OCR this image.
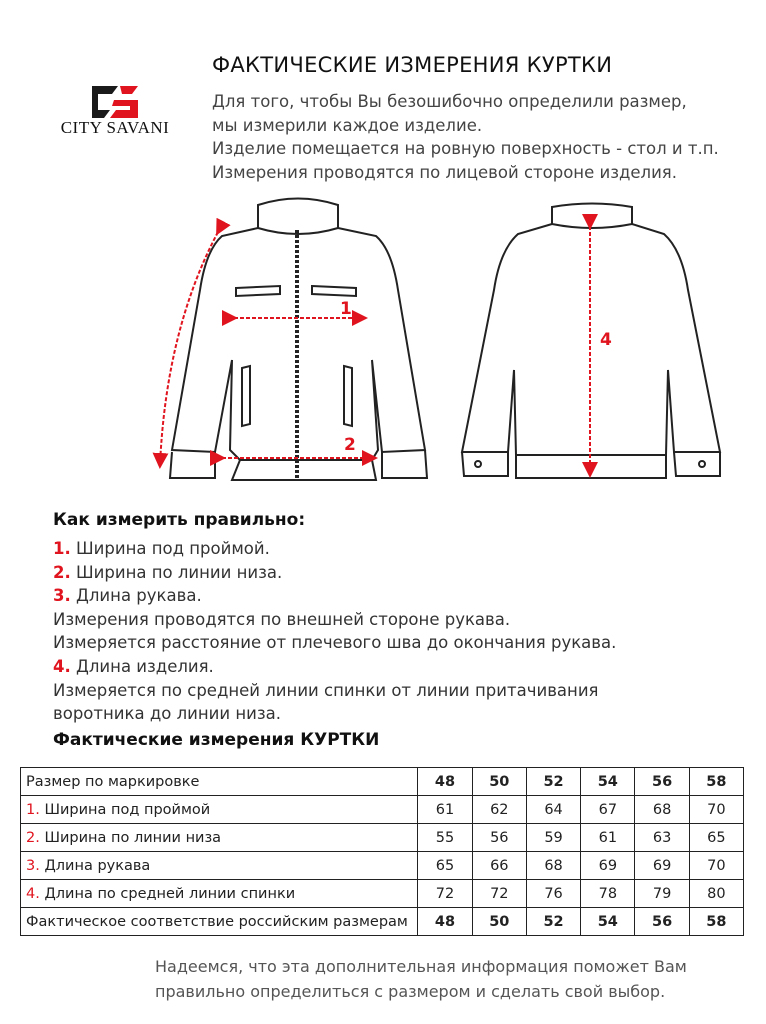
CITY SAVANI
ФАКТИЧЕСКИЕ ИЗМЕРЕНИЯ КУРТКИ
Для того, чтобы Вы безошибочно определили размер,
мы измерили каждое изделие.
Изделие помещается на ровную поверхность - стол и т.п.
Измерения проводятся по лицевой стороне изделия.
1
2
4
Как измерить правильно:
1. Ширина под проймой.
2. Ширина по линии низа.
3. Длина рукава.
Измерения проводятся по внешней стороне рукава.
Измеряется расстояние от плечевого шва до окончания рукава.
4. Длина изделия.
Измеряется по средней линии спинки от линии притачивания
воротника до линии низа.
Фактические измерения КУРТКИ
Размер по маркировке	48	50	52	54	56	58
1. Ширина под проймой	61	62	64	67	68	70
2. Ширина по линии низа	55	56	59	61	63	65
3. Длина рукава	65	66	68	69	69	70
4. Длина по средней линии спинки	72	72	76	78	79	80
Фактическое соответствие российским размерам	48	50	52	54	56	58
Надеемся, что эта дополнительная информация поможет Вам
правильно определиться с размером и сделать свой выбор.
